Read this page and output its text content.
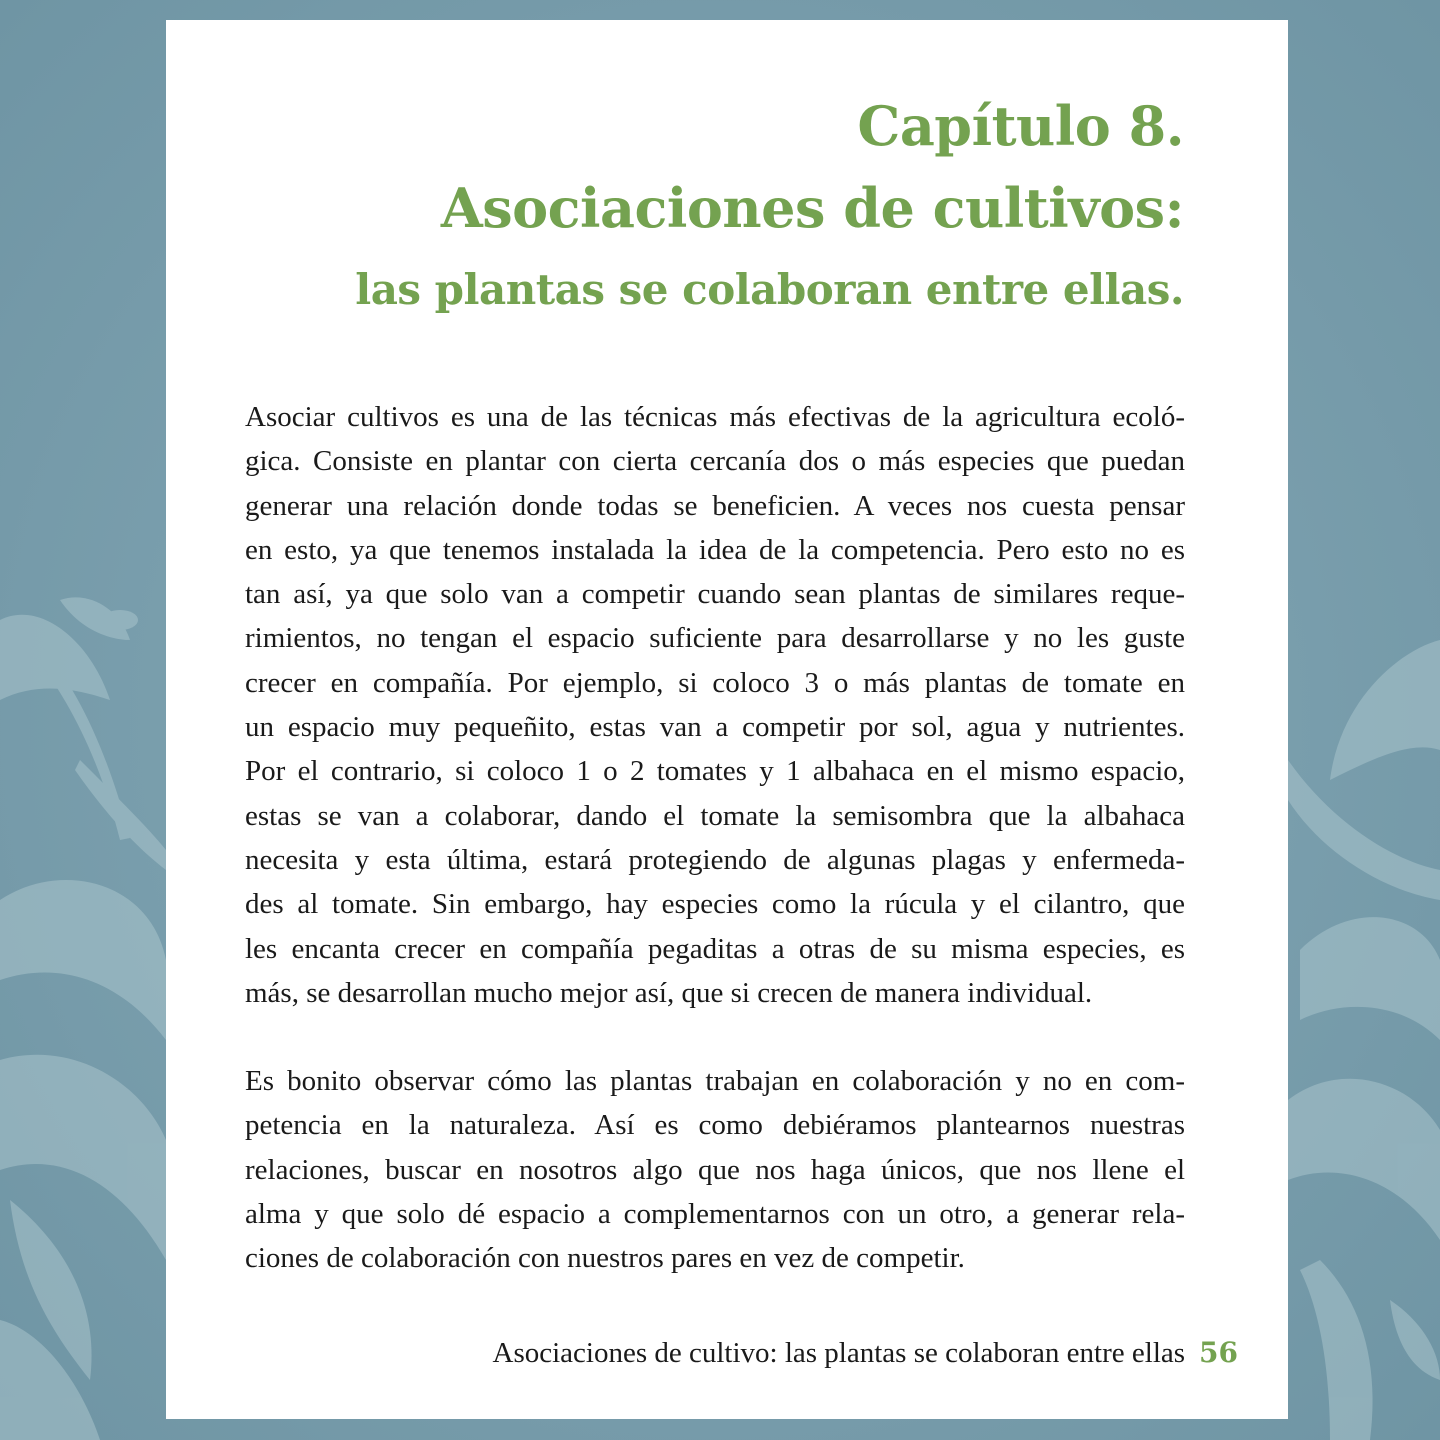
Capítulo 8.
Asociaciones de cultivos:
las plantas se colaboran entre ellas.
Asociar cultivos es una de las técnicas más efectivas de la agricultura ecoló-
gica. Consiste en plantar con cierta cercanía dos o más especies que puedan
generar una relación donde todas se beneficien. A veces nos cuesta pensar
en esto, ya que tenemos instalada la idea de la competencia. Pero esto no es
tan así, ya que solo van a competir cuando sean plantas de similares reque-
rimientos, no tengan el espacio suficiente para desarrollarse y no les guste
crecer en compañía. Por ejemplo, si coloco 3 o más plantas de tomate en
un espacio muy pequeñito, estas van a competir por sol, agua y nutrientes.
Por el contrario, si coloco 1 o 2 tomates y 1 albahaca en el mismo espacio,
estas se van a colaborar, dando el tomate la semisombra que la albahaca
necesita y esta última, estará protegiendo de algunas plagas y enfermeda-
des al tomate. Sin embargo, hay especies como la rúcula y el cilantro, que
les encanta crecer en compañía pegaditas a otras de su misma especies, es
más, se desarrollan mucho mejor así, que si crecen de manera individual.
Es bonito observar cómo las plantas trabajan en colaboración y no en com-
petencia en la naturaleza. Así es como debiéramos plantearnos nuestras
relaciones, buscar en nosotros algo que nos haga únicos, que nos llene el
alma y que solo dé espacio a complementarnos con un otro, a generar rela-
ciones de colaboración con nuestros pares en vez de competir.
Asociaciones de cultivo: las plantas se colaboran entre ellas 56
